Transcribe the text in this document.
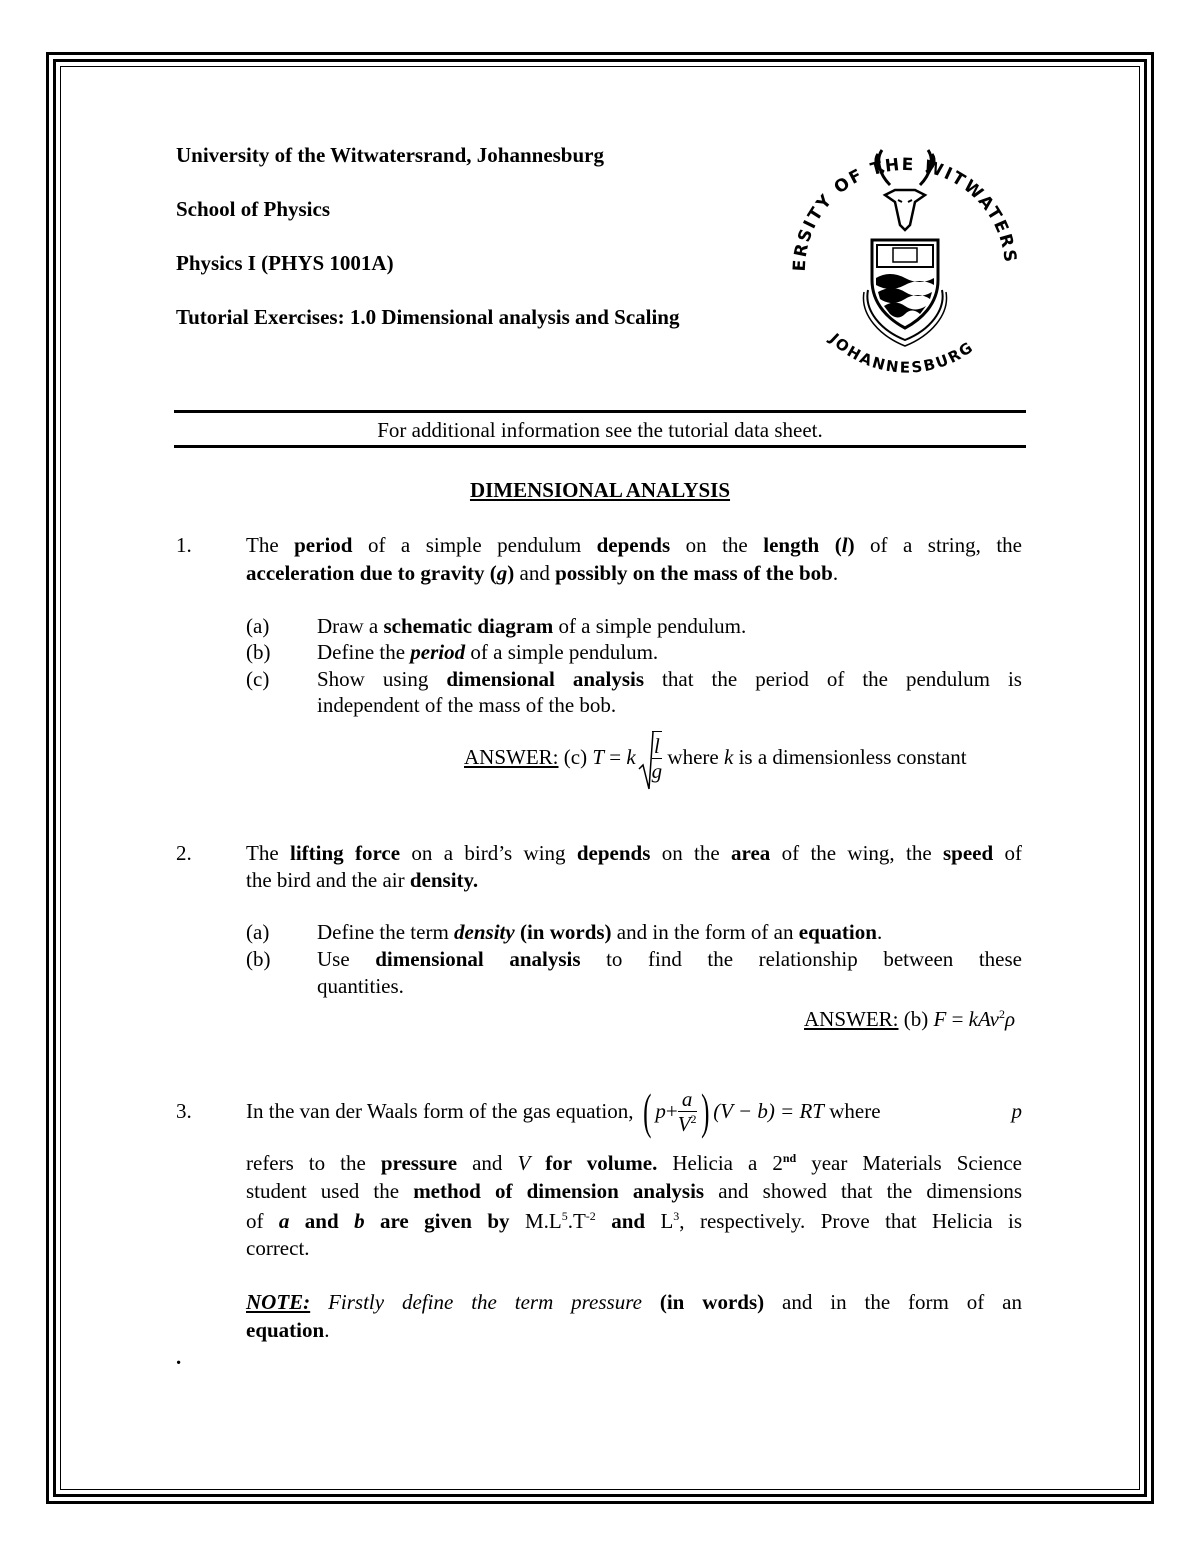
University of the Witwatersrand, Johannesburg
School of Physics
Physics I (PHYS 1001A)
Tutorial Exercises: 1.0 Dimensional analysis and Scaling
ERSITY OF THE WITWATERS
JOHANNESBURG
For additional information see the tutorial data sheet.
DIMENSIONAL ANALYSIS
1.	The period of a simple pendulum depends on the length (l) of a string, the
acceleration due to gravity (g) and possibly on the mass of the bob.
(a) Draw a schematic diagram of a simple pendulum.
(b) Define the period of a simple pendulum.
(c) Show using dimensional analysis that the period of the pendulum is
independent of the mass of the bob.
ANSWER: (c) T = k $\frac{l}{g}$ where k is a dimensionless constant
2.	The lifting force on a bird’s wing depends on the area of the wing, the speed of
the bird and the air density.
(a) Define the term density (in words) and in the form of an equation.
(b) Use dimensional analysis to find the relationship between these
quantities.
ANSWER: (b) F = kAv$^2$ρ
3.	In the van der Waals form of the gas equation, ( $p + \frac{a}{V^2}$ ) (V − b) = RT where	p
refers to the pressure and V for volume. Helicia a 2nd year Materials Science
student used the method of dimension analysis and showed that the dimensions
of a and b are given by $M.L^5.T^{-2}$ and $L^3$, respectively. Prove that Helicia is
correct.
NOTE: Firstly define the term pressure (in words) and in the form of an
equation.
.
